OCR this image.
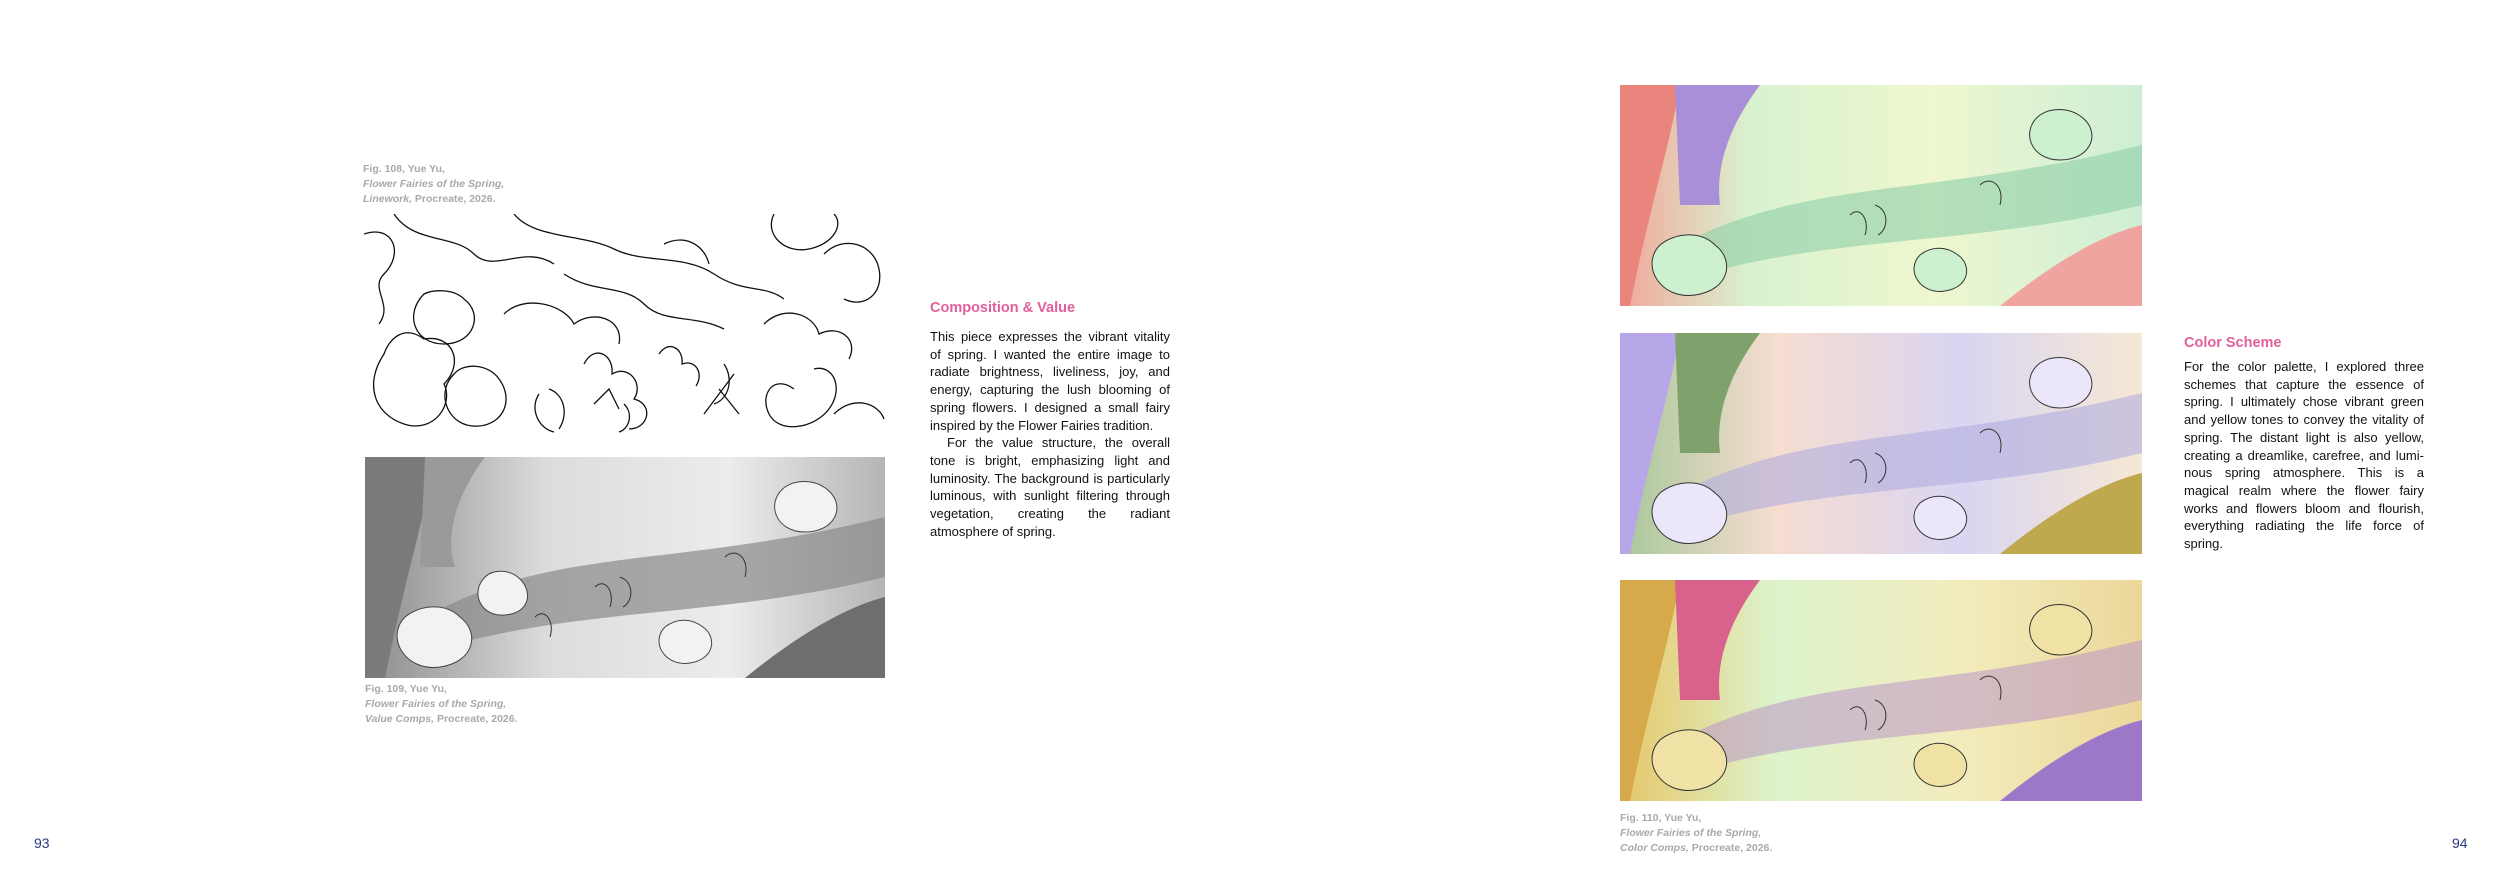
Fig. 108, Yue Yu,
Flower Fairies of the Spring,
Linework, Procreate, 2026.
Fig. 109, Yue Yu,
Flower Fairies of the Spring,
Value Comps, Procreate, 2026.
Composition & Value

This piece expresses the vibrant vitality of spring. I wanted the entire image to radiate brightness, liveliness, joy, and energy, capturing the lush blooming of spring flowers. I designed a small fairy inspired by the Flower Fairies tradition.

For the value structure, the overall tone is bright, emphasizing light and luminosity. The background is particularly luminous, with sunlight filtering through vegetation, creating the radiant atmosphere of spring.

93
Fig. 110, Yue Yu,
Flower Fairies of the Spring,
Color Comps, Procreate, 2026.
Color Scheme

For the color palette, I explored three schemes that capture the essence of spring. I ultimately chose vibrant green and yellow tones to convey the vitality of spring. The distant light is also yellow, creating a dreamlike, carefree, and luminous spring atmosphere. This is a magical realm where the flower fairy works and flowers bloom and flourish, everything radiating the life force of spring.

94
